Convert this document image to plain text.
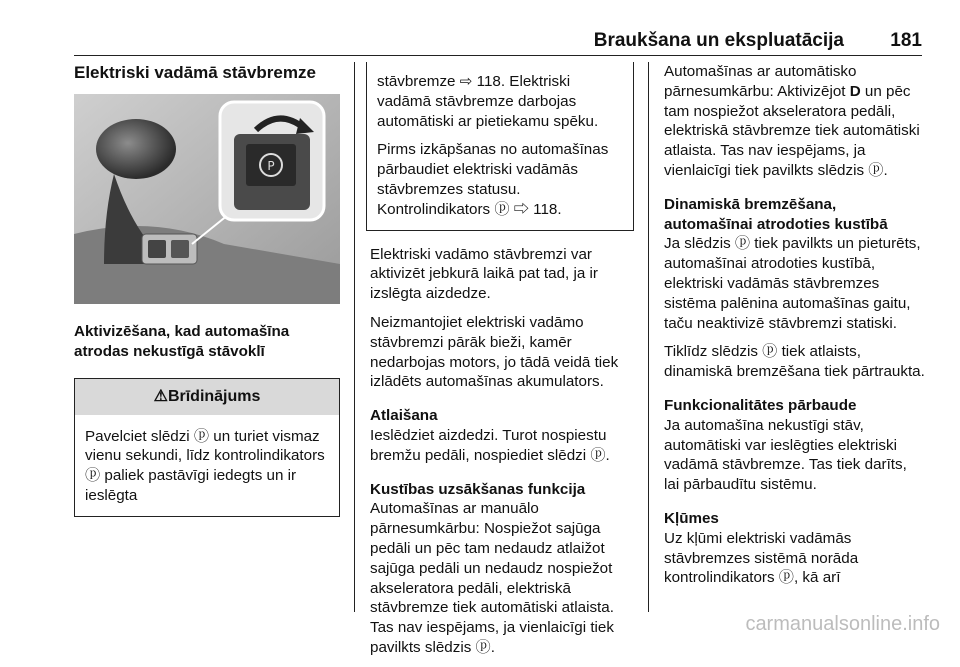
Braukšana un ekspluatācija 181
Elektriski vadāmā stāvbremze
P

Aktivizēšana, kad automašīna atrodas nekustīgā stāvoklī

⚠ Brīdinājums
Pavelciet slēdzi ⓟ un turiet vismaz vienu sekundi, līdz kontrolindikators ⓟ paliek pastāvīgi iedegts un ir ieslēgta

stāvbremze ⇨ 118. Elektriski vadāmā stāvbremze darbojas automātiski ar pietiekamu spēku.

Pirms izkāpšanas no automašīnas pārbaudiet elektriski vadāmās stāvbremzes statusu. Kontrolindikators ⓟ ⇨ 118.

Elektriski vadāmo stāvbremzi var aktivizēt jebkurā laikā pat tad, ja ir izslēgta aizdedze.

Neizmantojiet elektriski vadāmo stāvbremzi pārāk bieži, kamēr nedarbojas motors, jo tādā veidā tiek izlādēts automašīnas akumulators.

Atlaišana

Ieslēdziet aizdedzi. Turot nospiestu bremžu pedāli, nospiediet slēdzi ⓟ.

Kustības uzsākšanas funkcija

Automašīnas ar manuālo pārnesumkārbu: Nospiežot sajūga pedāli un pēc tam nedaudz atlaižot sajūga pedāli un nedaudz nospiežot akseleratora pedāli, elektriskā stāvbremze tiek automātiski atlaista. Tas nav iespējams, ja vienlaicīgi tiek pavilkts slēdzis ⓟ.

Automašīnas ar automātisko pārnesumkārbu: Aktivizējot D un pēc tam nospiežot akseleratora pedāli, elektriskā stāvbremze tiek automātiski atlaista. Tas nav iespējams, ja vienlaicīgi tiek pavilkts slēdzis ⓟ.

Dinamiskā bremzēšana, automašīnai atrodoties kustībā

Ja slēdzis ⓟ tiek pavilkts un pieturēts, automašīnai atrodoties kustībā, elektriski vadāmās stāvbremzes sistēma palēnina automašīnas gaitu, taču neaktivizē stāvbremzi statiski.

Tiklīdz slēdzis ⓟ tiek atlaists, dinamiskā bremzēšana tiek pārtraukta.

Funkcionalitātes pārbaude

Ja automašīna nekustīgi stāv, automātiski var ieslēgties elektriski vadāmā stāvbremze. Tas tiek darīts, lai pārbaudītu sistēmu.

Kļūmes

Uz kļūmi elektriski vadāmās stāvbremzes sistēmā norāda kontrolindikators ⓟ, kā arī

carmanualsonline.info
